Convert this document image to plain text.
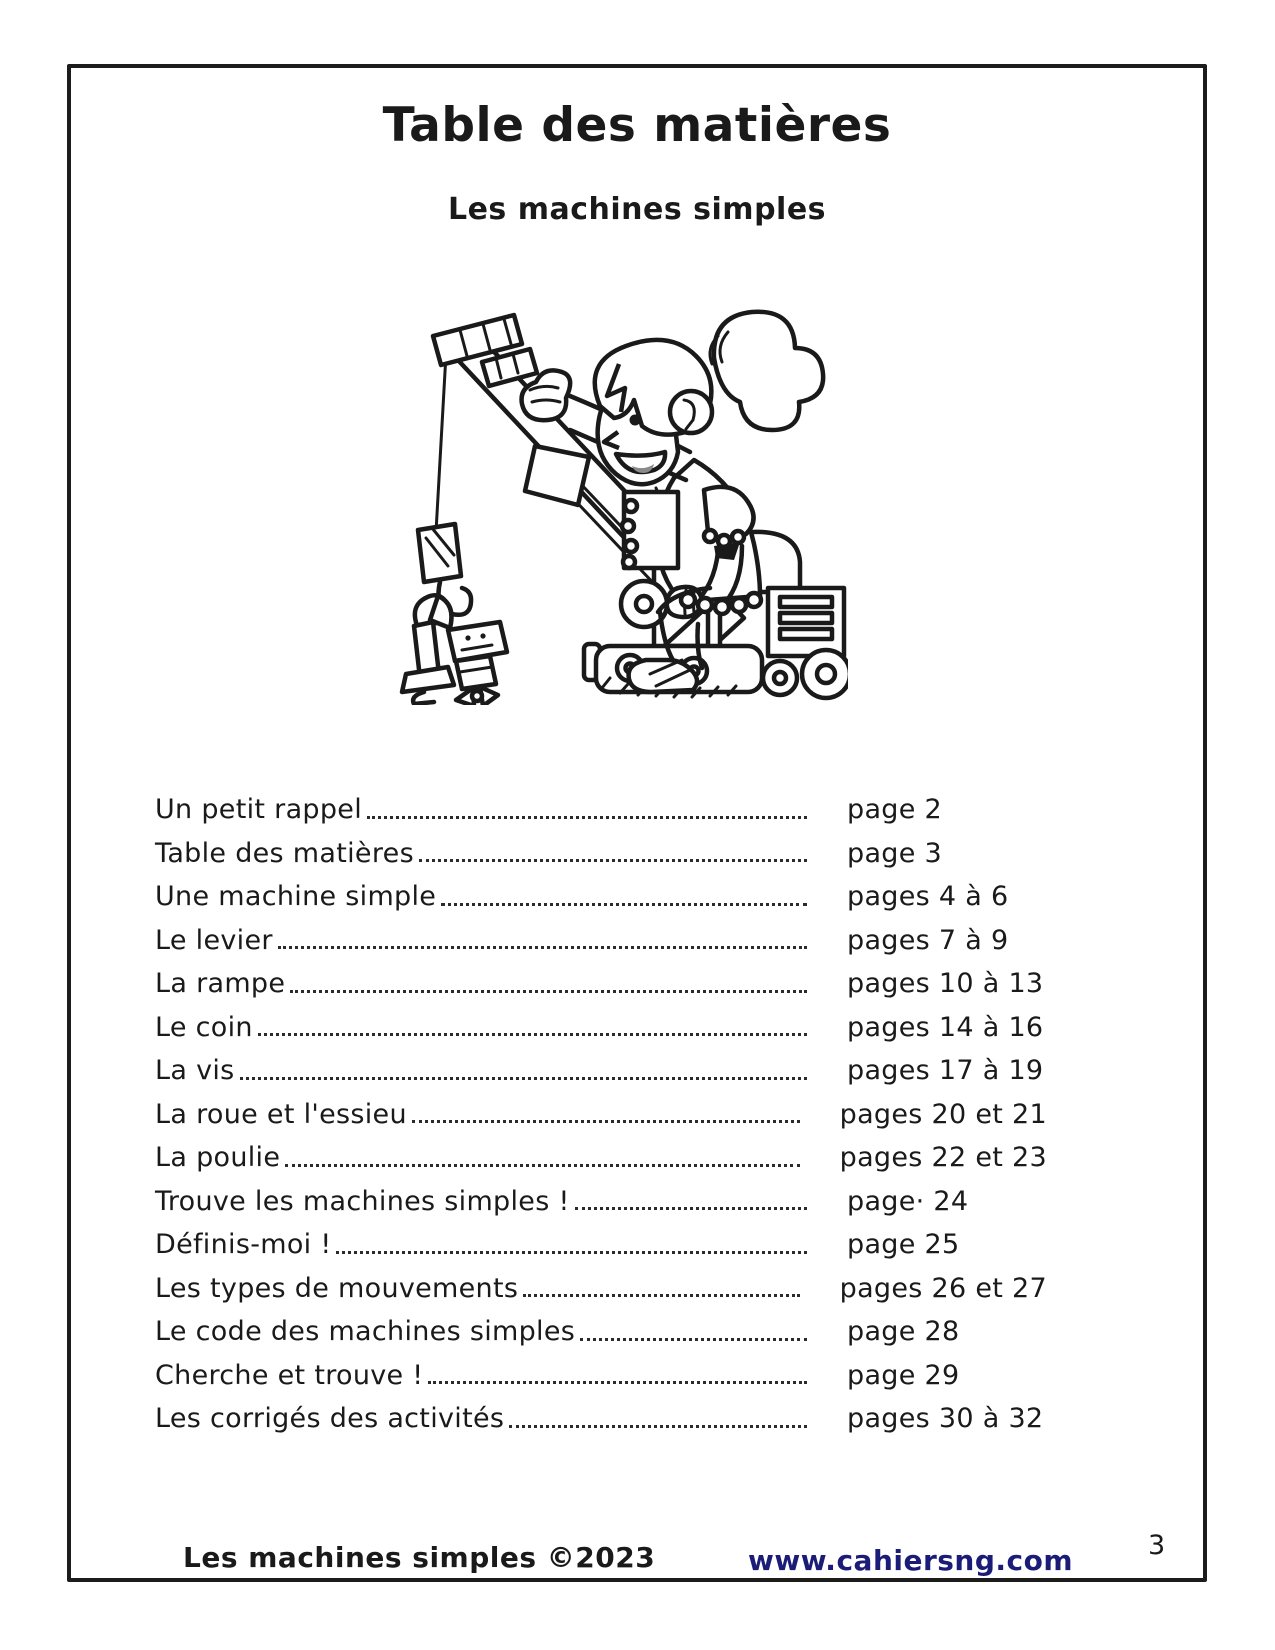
Table des matières
Les machines simples
Un petit rappel	page 2
Table des matières	page 3
Une machine simple	pages 4 à 6
Le levier	pages 7 à 9
La rampe	pages 10 à 13
Le coin	pages 14 à 16
La vis	pages 17 à 19
La roue et l'essieu	pages 20 et 21
La poulie	pages 22 et 23
Trouve les machines simples !	page· 24
Définis-moi !	page 25
Les types de mouvements	pages 26 et 27
Le code des machines simples	page 28
Cherche et trouve !	page 29
Les corrigés des activités	pages 30 à 32
Les machines simples ©2023	www.cahiersng.com	3
